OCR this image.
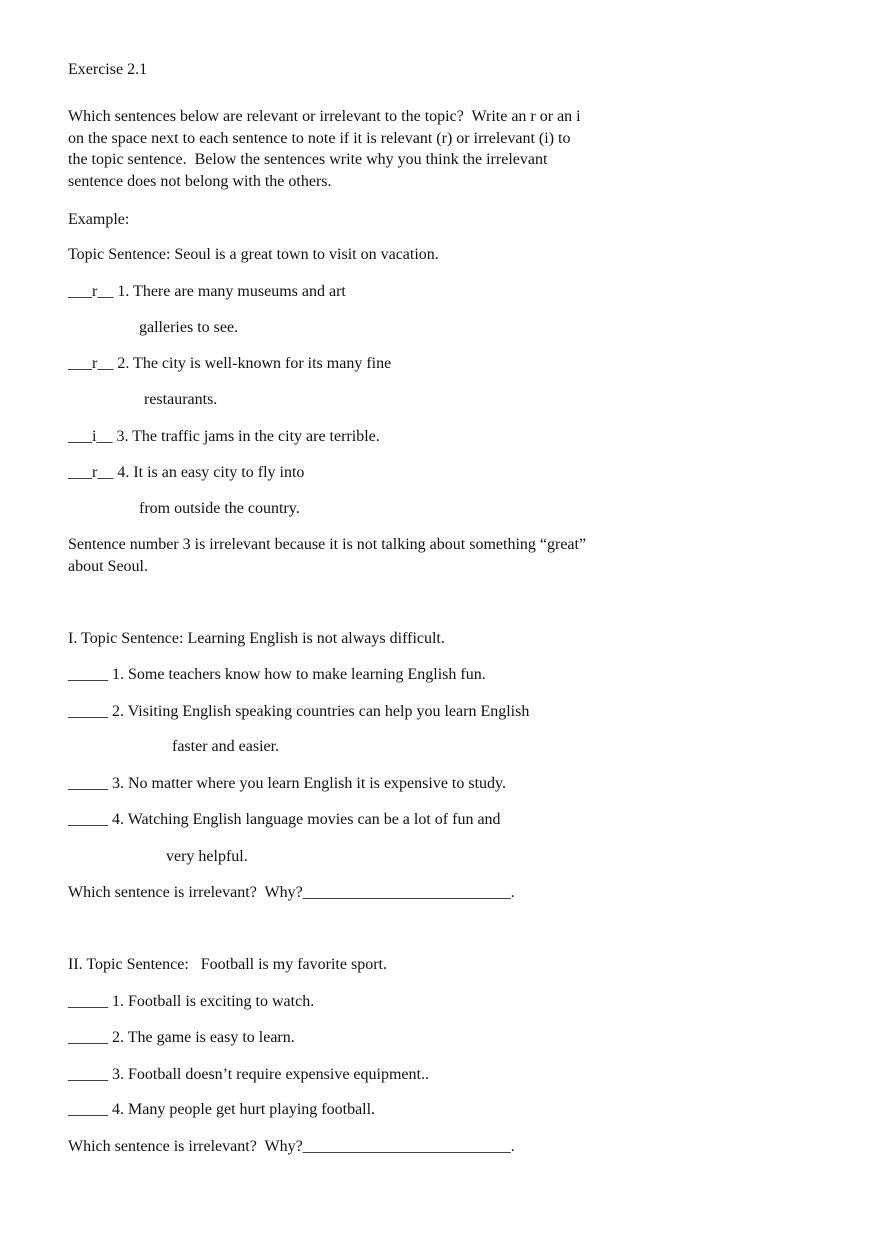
Exercise 2.1

Which sentences below are relevant or irrelevant to the topic?  Write an r or an i

on the space next to each sentence to note if it is relevant (r) or irrelevant (i) to

the topic sentence.  Below the sentences write why you think the irrelevant

sentence does not belong with the others.

Example:

Topic Sentence: Seoul is a great town to visit on vacation.

___r__ 1. There are many museums and art

galleries to see.

___r__ 2. The city is well-known for its many fine

restaurants.

___i__ 3. The traffic jams in the city are terrible.

___r__ 4. It is an easy city to fly into

from outside the country.

Sentence number 3 is irrelevant because it is not talking about something “great”

about Seoul.

I. Topic Sentence: Learning English is not always difficult.

_____ 1. Some teachers know how to make learning English fun.

_____ 2. Visiting English speaking countries can help you learn English

faster and easier.

_____ 3. No matter where you learn English it is expensive to study.

_____ 4. Watching English language movies can be a lot of fun and

very helpful.

Which sentence is irrelevant?  Why?__________________________.

II. Topic Sentence:   Football is my favorite sport.

_____ 1. Football is exciting to watch.

_____ 2. The game is easy to learn.

_____ 3. Football doesn’t require expensive equipment..

_____ 4. Many people get hurt playing football.

Which sentence is irrelevant?  Why?__________________________.
